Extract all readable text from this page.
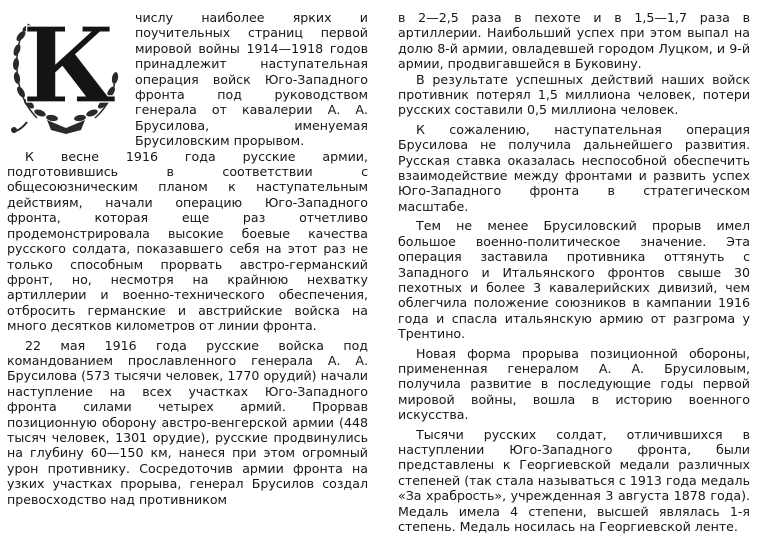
К	числу наиболее ярких и поучительных страниц первой мировой войны 1914—1918 годов принадлежит наступательная операция войск Юго-Западного фронта под руководством генерала от кавалерии А. А. Брусилова, именуемая Брусиловским прорывом.

К весне 1916 года русские армии, подготовившись в соответствии с общесоюзническим планом к наступательным действиям, начали операцию Юго-Западного фронта, которая еще раз отчетливо продемонстрировала высокие боевые качества русского солдата, показавшего себя на этот раз не только способным прорвать австро-германский фронт, но, несмотря на крайнюю нехватку артиллерии и военно-технического обеспечения, отбросить германские и австрийские войска на много десятков километров от линии фронта.

22 мая 1916 года русские войска под командованием прославленного генерала А. А. Брусилова (573 тысячи человек, 1770 орудий) начали наступление на всех участках Юго-Западного фронта силами четырех армий. Прорвав позиционную оборону австро-венгерской армии (448 тысяч человек, 1301 орудие), русские продвинулись на глубину 60—150 км, нанеся при этом огромный урон противнику. Сосредоточив армии фронта на узких участках прорыва, генерал Брусилов создал превосходство над противником

в 2—2,5 раза в пехоте и в 1,5—1,7 раза в артиллерии. Наибольший успех при этом выпал на долю 8-й армии, овладевшей городом Луцком, и 9-й армии, продвигавшейся в Буковину.

В результате успешных действий наших войск противник потерял 1,5 миллиона человек, потери русских составили 0,5 миллиона человек.

К сожалению, наступательная операция Брусилова не получила дальнейшего развития. Русская ставка оказалась неспособной обеспечить взаимодействие между фронтами и развить успех Юго-Западного фронта в стратегическом масштабе.

Тем не менее Брусиловский прорыв имел большое военно-политическое значение. Эта операция заставила противника оттянуть с Западного и Итальянского фронтов свыше 30 пехотных и более 3 кавалерийских дивизий, чем облегчила положение союзников в кампании 1916 года и спасла итальянскую армию от разгрома у Трентино.

Новая форма прорыва позиционной обороны, примененная генералом А. А. Брусиловым, получила развитие в последующие годы первой мировой войны, вошла в историю военного искусства.

Тысячи русских солдат, отличившихся в наступлении Юго-Западного фронта, были представлены к Георгиевской медали различных степеней (так стала называться с 1913 года медаль «За храбрость», учрежденная 3 августа 1878 года). Медаль имела 4 степени, высшей являлась 1-я степень. Медаль носилась на Георгиевской ленте.
